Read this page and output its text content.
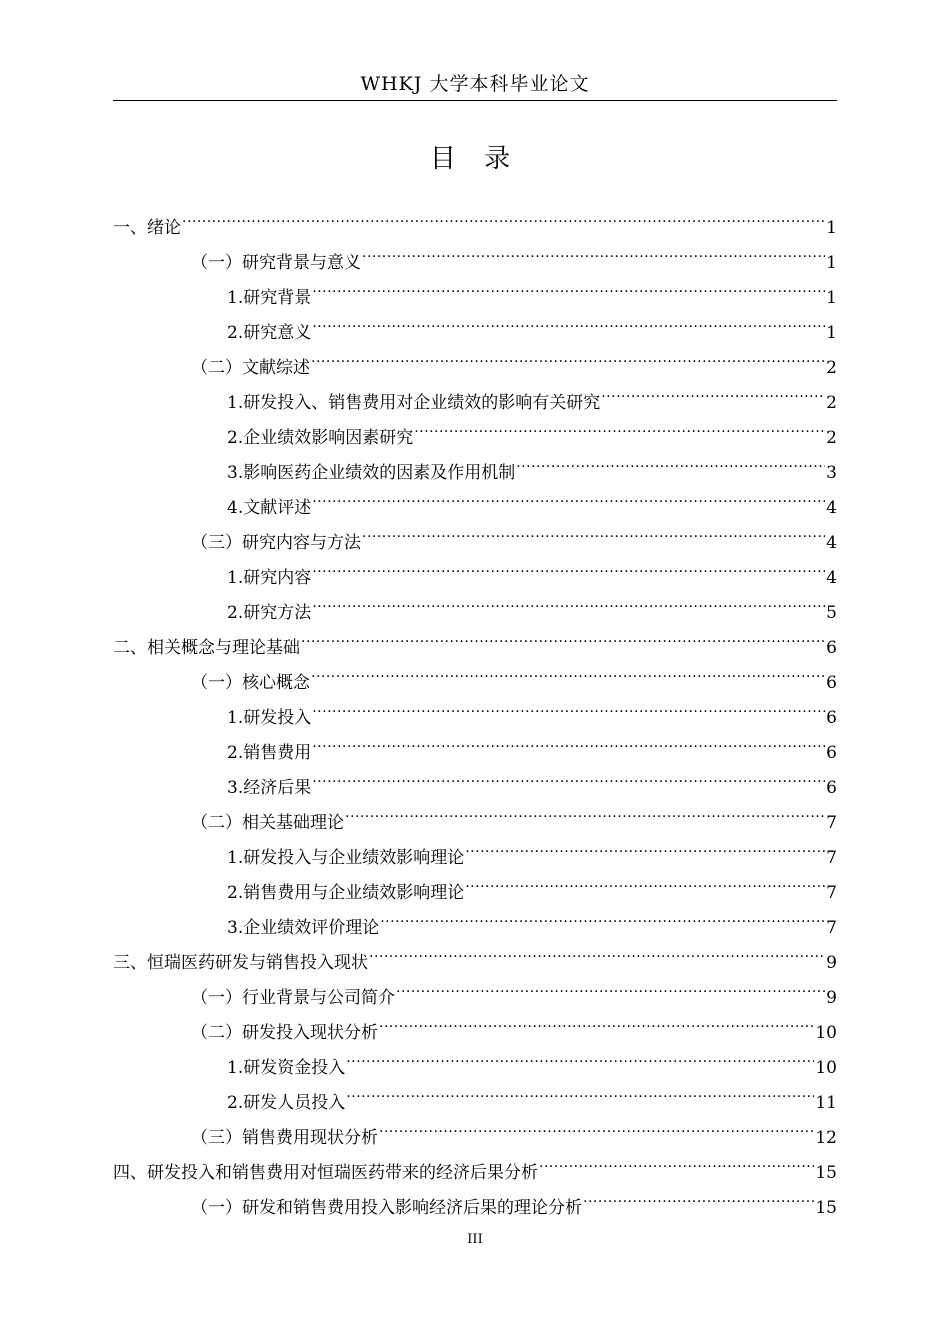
WHKJ 大学本科毕业论文
目 录
一、绪论 .....	1
（一）研究背景与意义 .....	1
1.研究背景 .....	1
2.研究意义 .....	1
（二）文献综述 .....	2
1.研发投入、销售费用对企业绩效的影响有关研究 .....	2
2.企业绩效影响因素研究 .....	2
3.影响医药企业绩效的因素及作用机制 .....	3
4.文献评述 .....	4
（三）研究内容与方法 .....	4
1.研究内容 .....	4
2.研究方法 .....	5
二、相关概念与理论基础 .....	6
（一）核心概念 .....	6
1.研发投入 .....	6
2.销售费用 .....	6
3.经济后果 .....	6
（二）相关基础理论 .....	7
1.研发投入与企业绩效影响理论 .....	7
2.销售费用与企业绩效影响理论 .....	7
3.企业绩效评价理论 .....	7
三、恒瑞医药研发与销售投入现状 .....	9
（一）行业背景与公司简介 .....	9
（二）研发投入现状分析 .....	10
1.研发资金投入 .....	10
2.研发人员投入 .....	11
（三）销售费用现状分析 .....	12
四、研发投入和销售费用对恒瑞医药带来的经济后果分析 .....	15
（一）研发和销售费用投入影响经济后果的理论分析 .....	15
III
